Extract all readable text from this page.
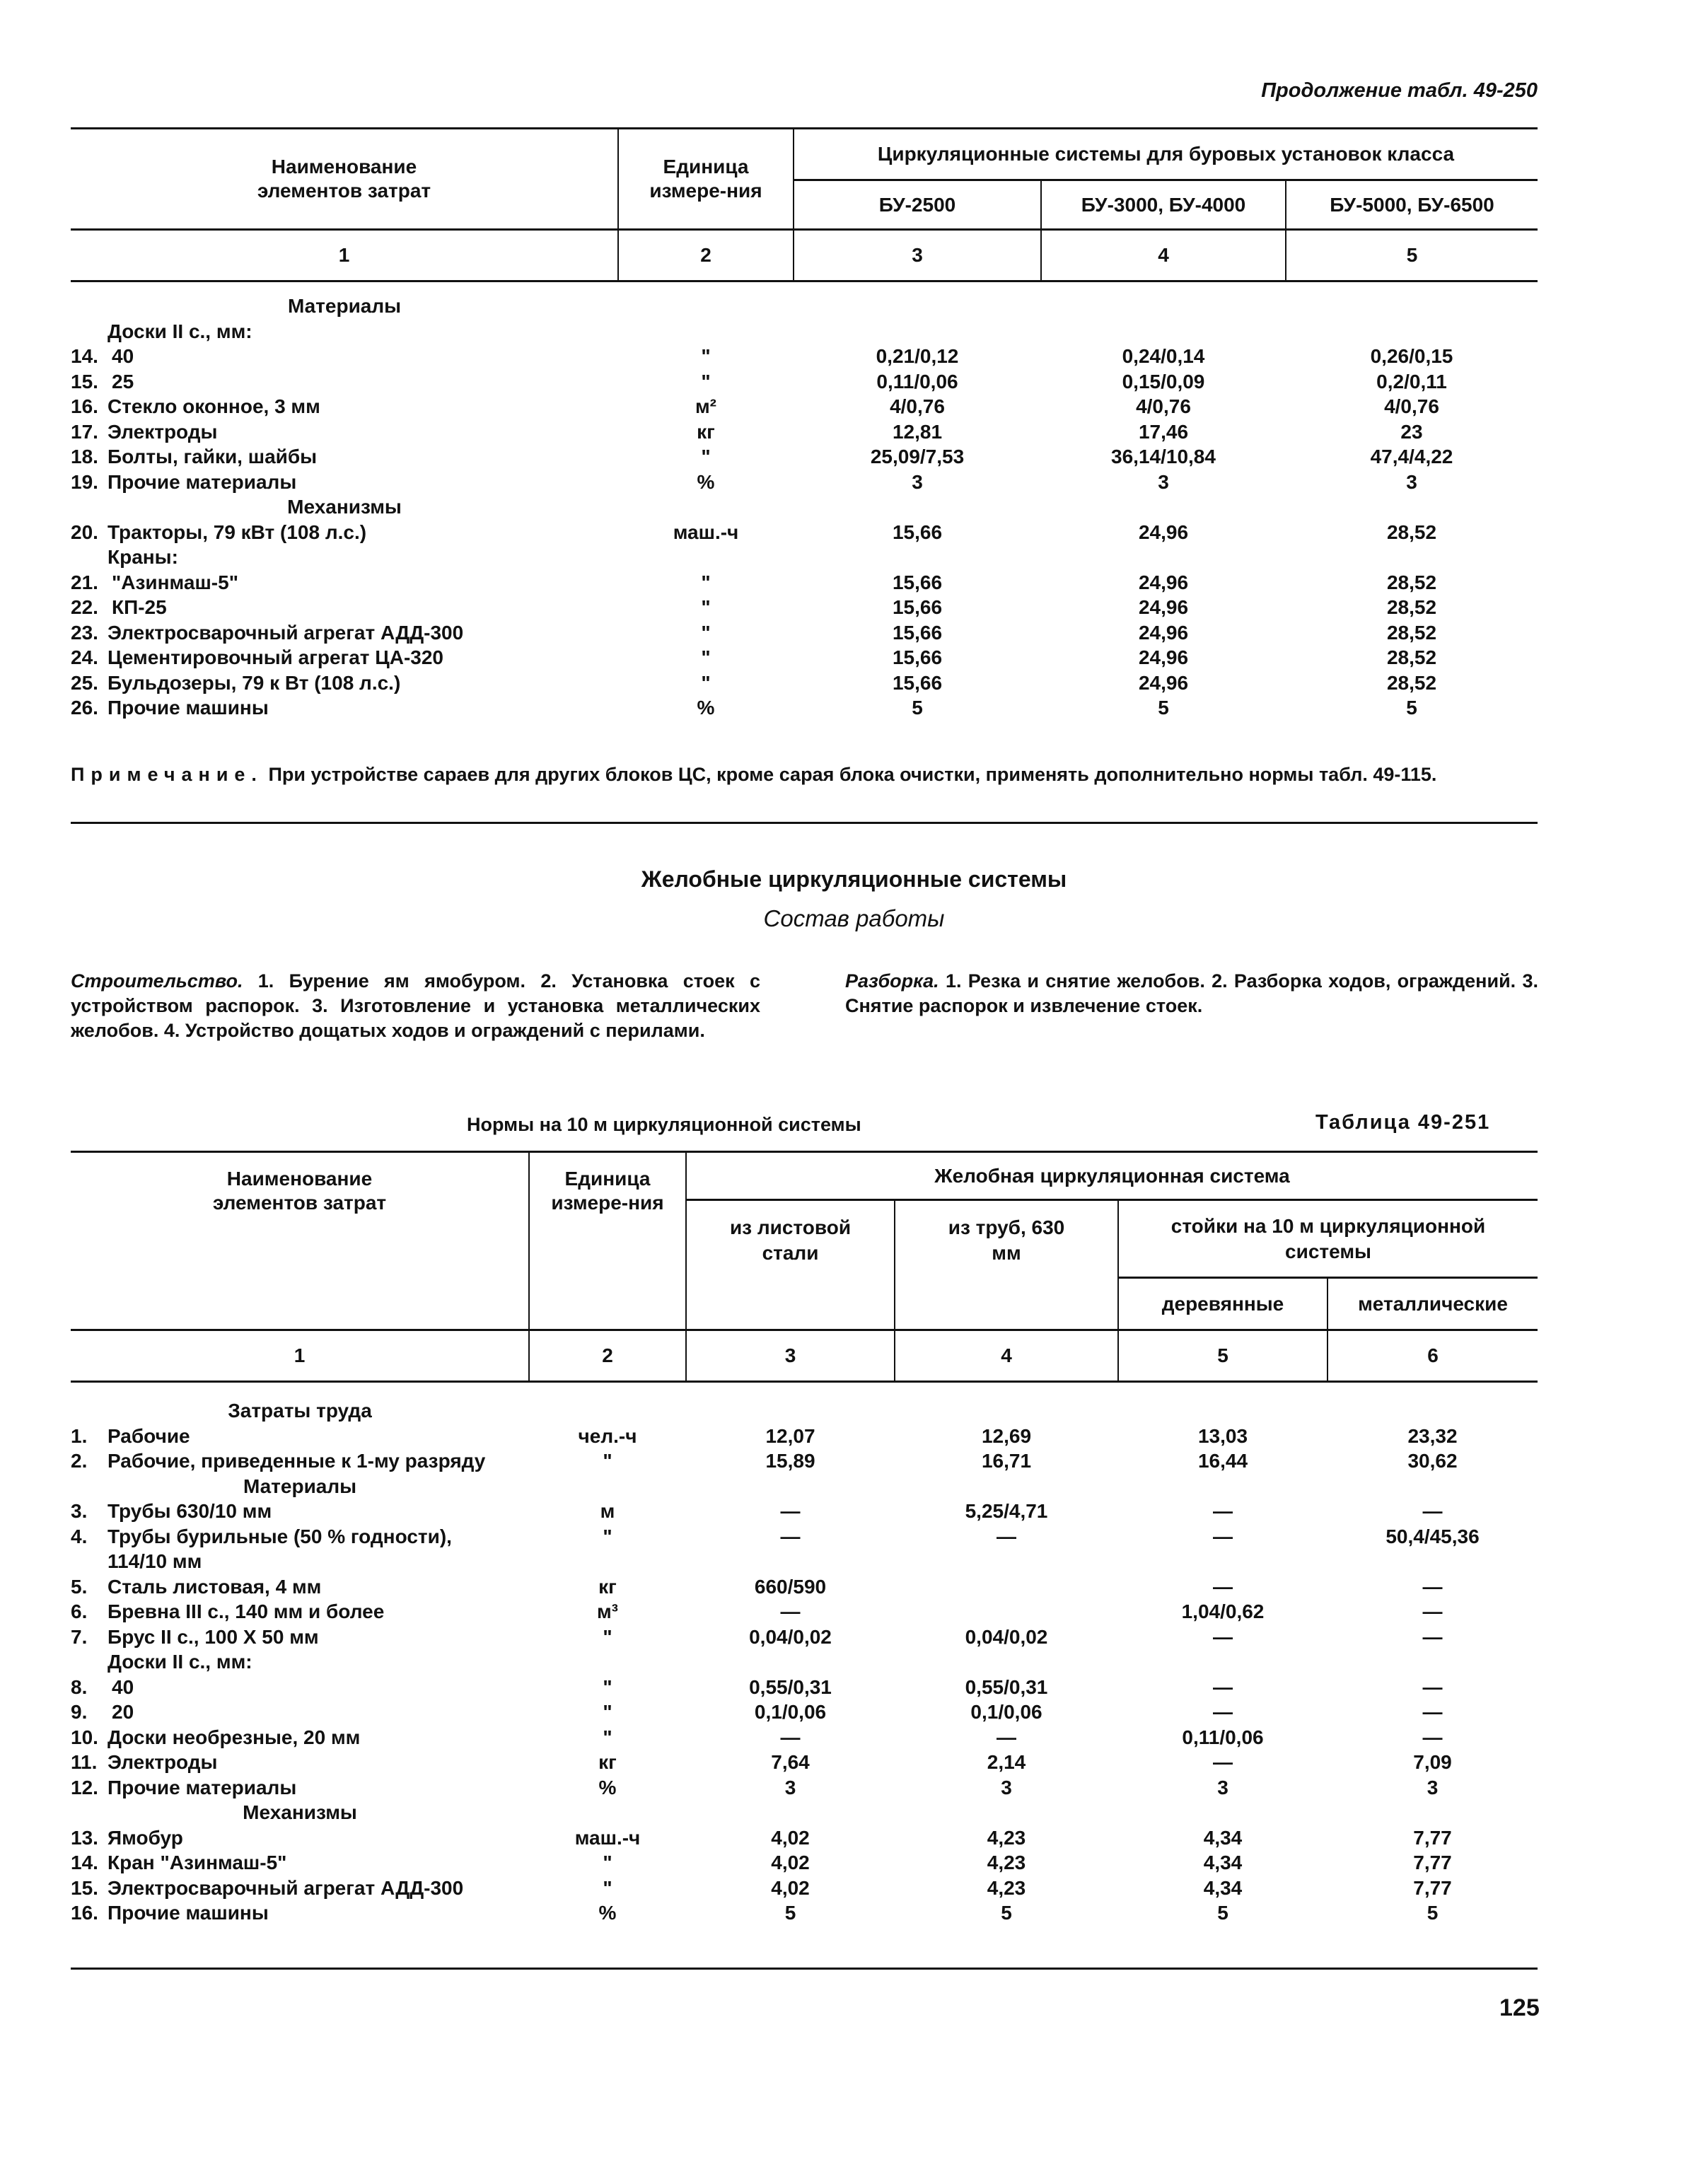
Продолжение табл. 49-250
Наименование элементов затрат	Единица измере-ния	Циркуляционные системы для буровых установок класса		
		БУ-2500	БУ-3000, БУ-4000	БУ-5000, БУ-6500
1	2	3	4	5
Материалы				
Доски II с., мм:				
14. 40	"	0,21/0,12	0,24/0,14	0,26/0,15
15. 25	"	0,11/0,06	0,15/0,09	0,2/0,11
16. Стекло оконное, 3 мм	м²	4/0,76	4/0,76	4/0,76
17. Электроды	кг	12,81	17,46	23
18. Болты, гайки, шайбы	"	25,09/7,53	36,14/10,84	47,4/4,22
19. Прочие материалы	%	3	3	3
Механизмы				
20. Тракторы, 79 кВт (108 л.с.)	маш.-ч	15,66	24,96	28,52
Краны:				
21. "Азинмаш-5"	"	15,66	24,96	28,52
22. КП-25	"	15,66	24,96	28,52
23. Электросварочный агрегат АДД-300	"	15,66	24,96	28,52
24. Цементировочный агрегат ЦА-320	"	15,66	24,96	28,52
25. Бульдозеры, 79 к Вт (108 л.с.)	"	15,66	24,96	28,52
26. Прочие машины	%	5	5	5
Примечание. При устройстве сараев для других блоков ЦС, кроме сарая блока очистки, применять дополнительно нормы табл. 49-115.
Желобные циркуляционные системы
Состав работы
Строительство. 1. Бурение ям ямобуром. 2. Установка стоек с устройством распорок. 3. Изготовление и установка металлических желобов. 4. Устройство дощатых ходов и ограждений с перилами.
Разборка. 1. Резка и снятие желобов. 2. Разборка ходов, ограждений. 3. Снятие распорок и извлечение стоек.
Нормы на 10 м циркуляционной системы	Таблица 49-251
Наименование элементов затрат	Единица измере-ния	Желобная циркуляционная система			
		из листовой стали	из труб, 630 мм	стойки на 10 м циркуляционной системы	
				деревянные	металлические
1	2	3	4	5	6
Затраты труда					
1. Рабочие	чел.-ч	12,07	12,69	13,03	23,32
2. Рабочие, приведенные к 1-му разряду	"	15,89	16,71	16,44	30,62
Материалы					
3. Трубы 630/10 мм	м	—	5,25/4,71	—	—
4. Трубы бурильные (50 % годности),	"	—	—	—	50,4/45,36
114/10 мм					
5. Сталь листовая, 4 мм	кг	660/590		—	—
6. Бревна III с., 140 мм и более	м³	—		1,04/0,62	—
7. Брус II с., 100 X 50 мм	"	0,04/0,02	0,04/0,02	—	—
Доски II с., мм:					
8. 40	"	0,55/0,31	0,55/0,31	—	—
9. 20	"	0,1/0,06	0,1/0,06	—	—
10. Доски необрезные, 20 мм	"	—	—	0,11/0,06	—
11. Электроды	кг	7,64	2,14	—	7,09
12. Прочие материалы	%	3	3	3	3
Механизмы					
13. Ямобур	маш.-ч	4,02	4,23	4,34	7,77
14. Кран "Азинмаш-5"	"	4,02	4,23	4,34	7,77
15. Электросварочный агрегат АДД-300	"	4,02	4,23	4,34	7,77
16. Прочие машины	%	5	5	5	5
125
